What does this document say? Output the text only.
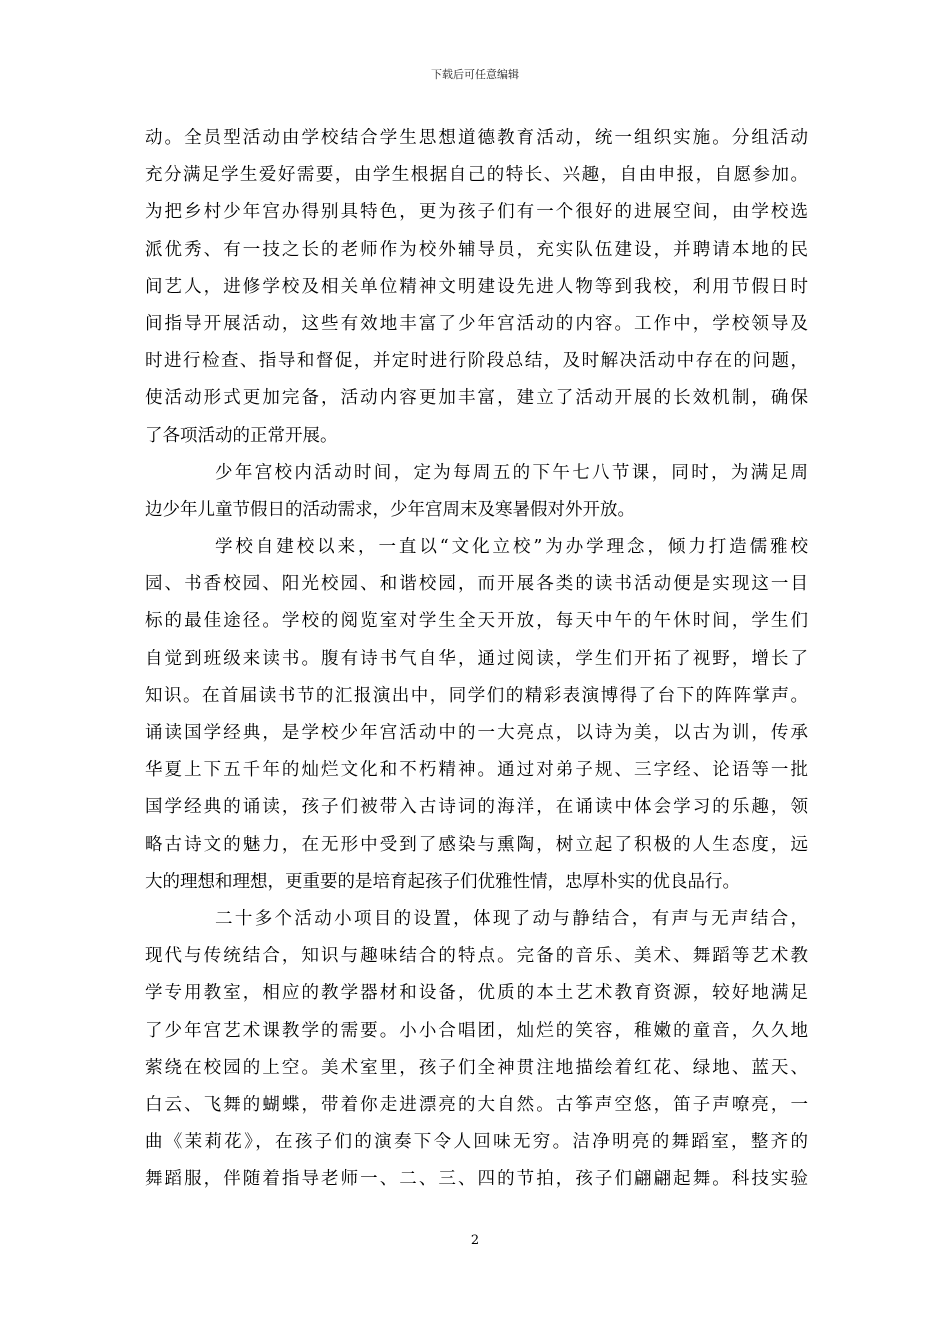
下载后可任意编辑
动。全员型活动由学校结合学生思想道德教育活动，统一组织实施。分组活动
充分满足学生爱好需要，由学生根据自己的特长、兴趣，自由申报，自愿参加。
为把乡村少年宫办得别具特色，更为孩子们有一个很好的进展空间，由学校选
派优秀、有一技之长的老师作为校外辅导员，充实队伍建设，并聘请本地的民
间艺人，进修学校及相关单位精神文明建设先进人物等到我校，利用节假日时
间指导开展活动，这些有效地丰富了少年宫活动的内容。工作中，学校领导及
时进行检查、指导和督促，并定时进行阶段总结，及时解决活动中存在的问题，
使活动形式更加完备，活动内容更加丰富，建立了活动开展的长效机制，确保
了各项活动的正常开展。
少年宫校内活动时间，定为每周五的下午七八节课，同时，为满足周
边少年儿童节假日的活动需求，少年宫周末及寒暑假对外开放。
学校自建校以来，一直以“文化立校”为办学理念，倾力打造儒雅校
园、书香校园、阳光校园、和谐校园，而开展各类的读书活动便是实现这一目
标的最佳途径。学校的阅览室对学生全天开放，每天中午的午休时间，学生们
自觉到班级来读书。腹有诗书气自华，通过阅读，学生们开拓了视野，增长了
知识。在首届读书节的汇报演出中，同学们的精彩表演博得了台下的阵阵掌声。
诵读国学经典，是学校少年宫活动中的一大亮点，以诗为美，以古为训，传承
华夏上下五千年的灿烂文化和不朽精神。通过对弟子规、三字经、论语等一批
国学经典的诵读，孩子们被带入古诗词的海洋，在诵读中体会学习的乐趣，领
略古诗文的魅力，在无形中受到了感染与熏陶，树立起了积极的人生态度，远
大的理想和理想，更重要的是培育起孩子们优雅性情，忠厚朴实的优良品行。
二十多个活动小项目的设置，体现了动与静结合，有声与无声结合，
现代与传统结合，知识与趣味结合的特点。完备的音乐、美术、舞蹈等艺术教
学专用教室，相应的教学器材和设备，优质的本土艺术教育资源，较好地满足
了少年宫艺术课教学的需要。小小合唱团，灿烂的笑容，稚嫩的童音，久久地
萦绕在校园的上空。美术室里，孩子们全神贯注地描绘着红花、绿地、蓝天、
白云、飞舞的蝴蝶，带着你走进漂亮的大自然。古筝声空悠，笛子声嘹亮，一
曲《茉莉花》，在孩子们的演奏下令人回味无穷。洁净明亮的舞蹈室，整齐的
舞蹈服，伴随着指导老师一、二、三、四的节拍，孩子们翩翩起舞。科技实验
2
